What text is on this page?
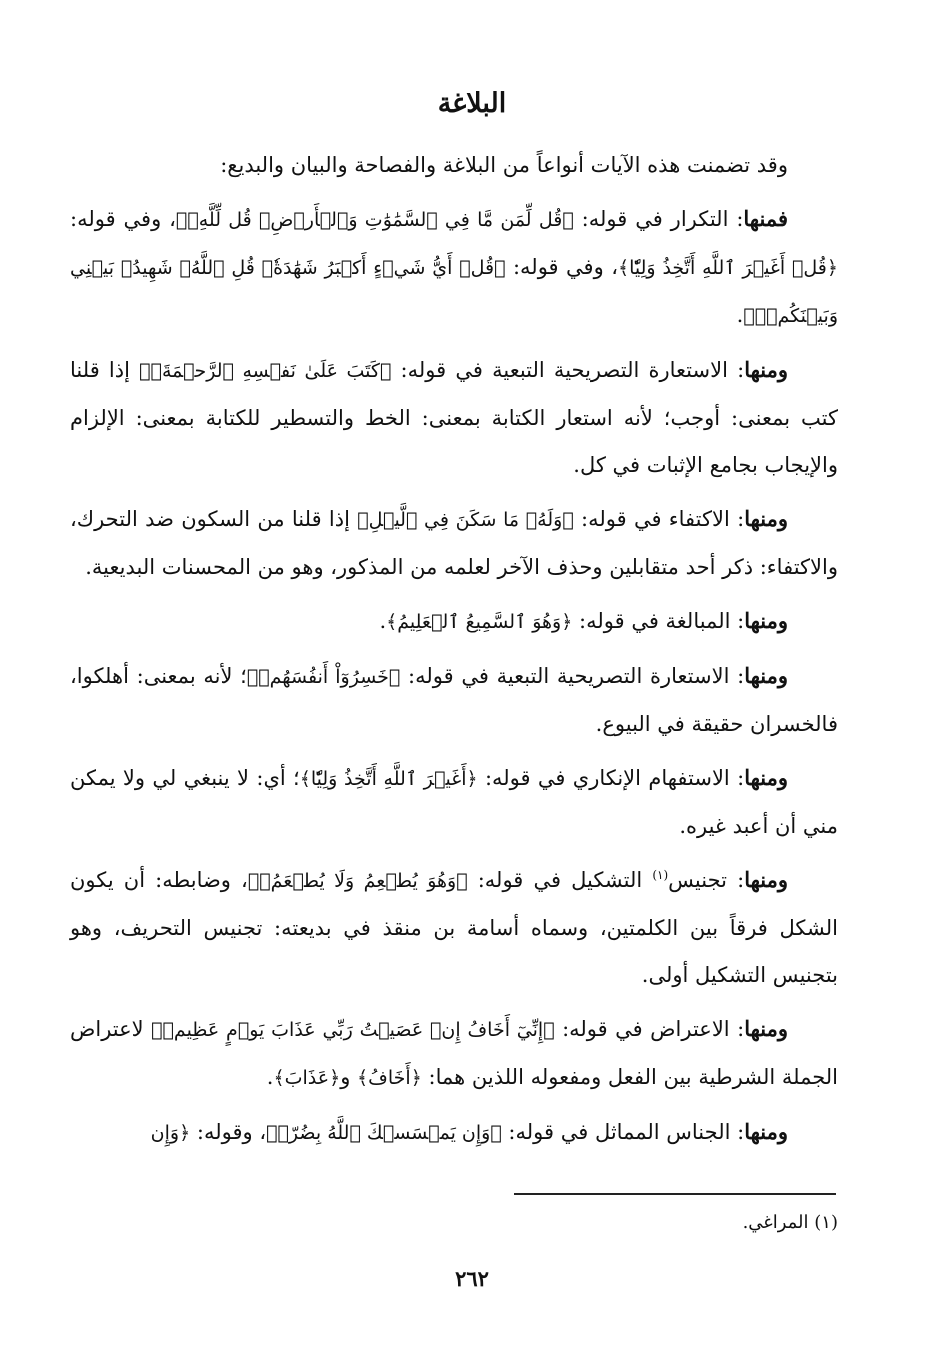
البلاغة

وقد تضمنت هذه الآيات أنواعاً من البلاغة والفصاحة والبيان والبديع:

فمنها: التكرار في قوله: ﴿قُل لِّمَن مَّا فِي ٱلسَّمَٰوَٰتِ وَٱلۡأَرۡضِۖ قُل لِّلَّهِۚ﴾، وفي قوله: ﴿قُلۡ أَغَيۡرَ ٱللَّهِ أَتَّخِذُ وَلِيّٗا﴾، وفي قوله: ﴿قُلۡ أَيُّ شَيۡءٍ أَكۡبَرُ شَهَٰدَةٗۖ قُلِ ٱللَّهُۖ شَهِيدُۢ بَيۡنِي وَبَيۡنَكُمۡۚ﴾.

ومنها: الاستعارة التصريحية التبعية في قوله: ﴿كَتَبَ عَلَىٰ نَفۡسِهِ ٱلرَّحۡمَةَۚ﴾ إذا قلنا كتب بمعنى: أوجب؛ لأنه استعار الكتابة بمعنى: الخط والتسطير للكتابة بمعنى: الإلزام والإيجاب بجامع الإثبات في كل.

ومنها: الاكتفاء في قوله: ﴿وَلَهُۥ مَا سَكَنَ فِي ٱلَّيۡلِ﴾ إذا قلنا من السكون ضد التحرك، والاكتفاء: ذكر أحد متقابلين وحذف الآخر لعلمه من المذكور، وهو من المحسنات البديعية.

ومنها: المبالغة في قوله: ﴿وَهُوَ ٱلسَّمِيعُ ٱلۡعَلِيمُ﴾.

ومنها: الاستعارة التصريحية التبعية في قوله: ﴿خَسِرُوٓاْ أَنفُسَهُمۡ﴾؛ لأنه بمعنى: أهلكوا، فالخسران حقيقة في البيوع.

ومنها: الاستفهام الإنكاري في قوله: ﴿أَغَيۡرَ ٱللَّهِ أَتَّخِذُ وَلِيّٗا﴾؛ أي: لا ينبغي لي ولا يمكن مني أن أعبد غيره.

ومنها: تجنيس$^{(١)}$ التشكيل في قوله: ﴿وَهُوَ يُطۡعِمُ وَلَا يُطۡعَمُۗ﴾، وضابطه: أن يكون الشكل فرقاً بين الكلمتين، وسماه أسامة بن منقذ في بديعته: تجنيس التحريف، وهو بتجنيس التشكيل أولى.

ومنها: الاعتراض في قوله: ﴿إِنِّيٓ أَخَافُ إِنۡ عَصَيۡتُ رَبِّي عَذَابَ يَوۡمٍ عَظِيمٖ﴾ لاعتراض الجملة الشرطية بين الفعل ومفعوله اللذين هما: ﴿أَخَافُ﴾ و﴿عَذَابَ﴾.

ومنها: الجناس المماثل في قوله: ﴿وَإِن يَمۡسَسۡكَ ٱللَّهُ بِضُرّٖ﴾، وقوله: ﴿وَإِن

(١) المراغي.
٢٦٢
